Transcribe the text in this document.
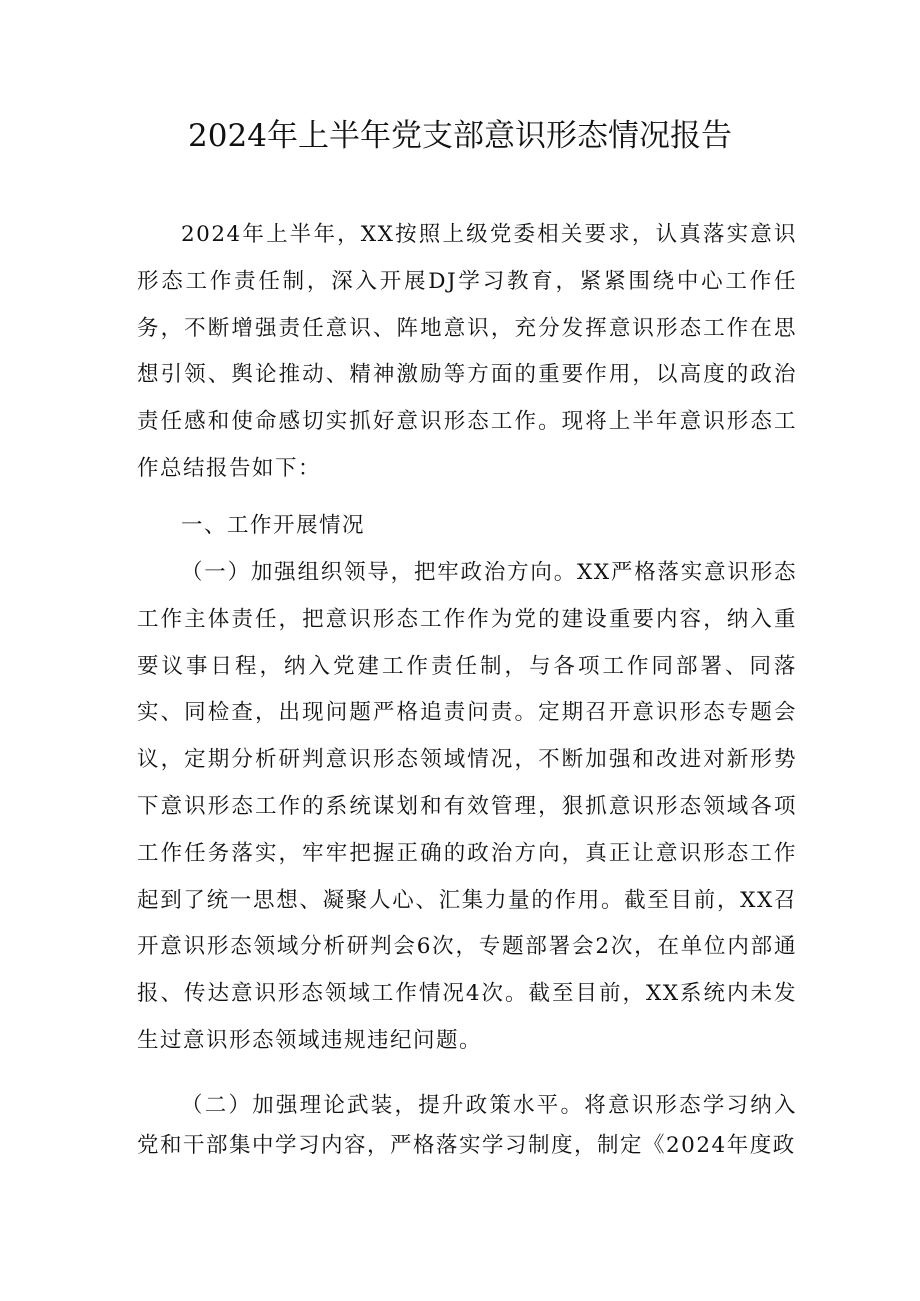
2024年上半年党支部意识形态情况报告

2024年上半年，XX按照上级党委相关要求，认真落实意识形态工作责任制，深入开展DJ学习教育，紧紧围绕中心工作任务，不断增强责任意识、阵地意识，充分发挥意识形态工作在思想引领、舆论推动、精神激励等方面的重要作用，以高度的政治责任感和使命感切实抓好意识形态工作。现将上半年意识形态工作总结报告如下：

一、工作开展情况

（一）加强组织领导，把牢政治方向。XX严格落实意识形态工作主体责任，把意识形态工作作为党的建设重要内容，纳入重要议事日程，纳入党建工作责任制，与各项工作同部署、同落实、同检查，出现问题严格追责问责。定期召开意识形态专题会议，定期分析研判意识形态领域情况，不断加强和改进对新形势下意识形态工作的系统谋划和有效管理，狠抓意识形态领域各项工作任务落实，牢牢把握正确的政治方向，真正让意识形态工作起到了统一思想、凝聚人心、汇集力量的作用。截至目前，XX召开意识形态领域分析研判会6次，专题部署会2次，在单位内部通报、传达意识形态领域工作情况4次。截至目前，XX系统内未发生过意识形态领域违规违纪问题。

（二）加强理论武装，提升政策水平。将意识形态学习纳入党和干部集中学习内容，严格落实学习制度，制定《2024年度政
